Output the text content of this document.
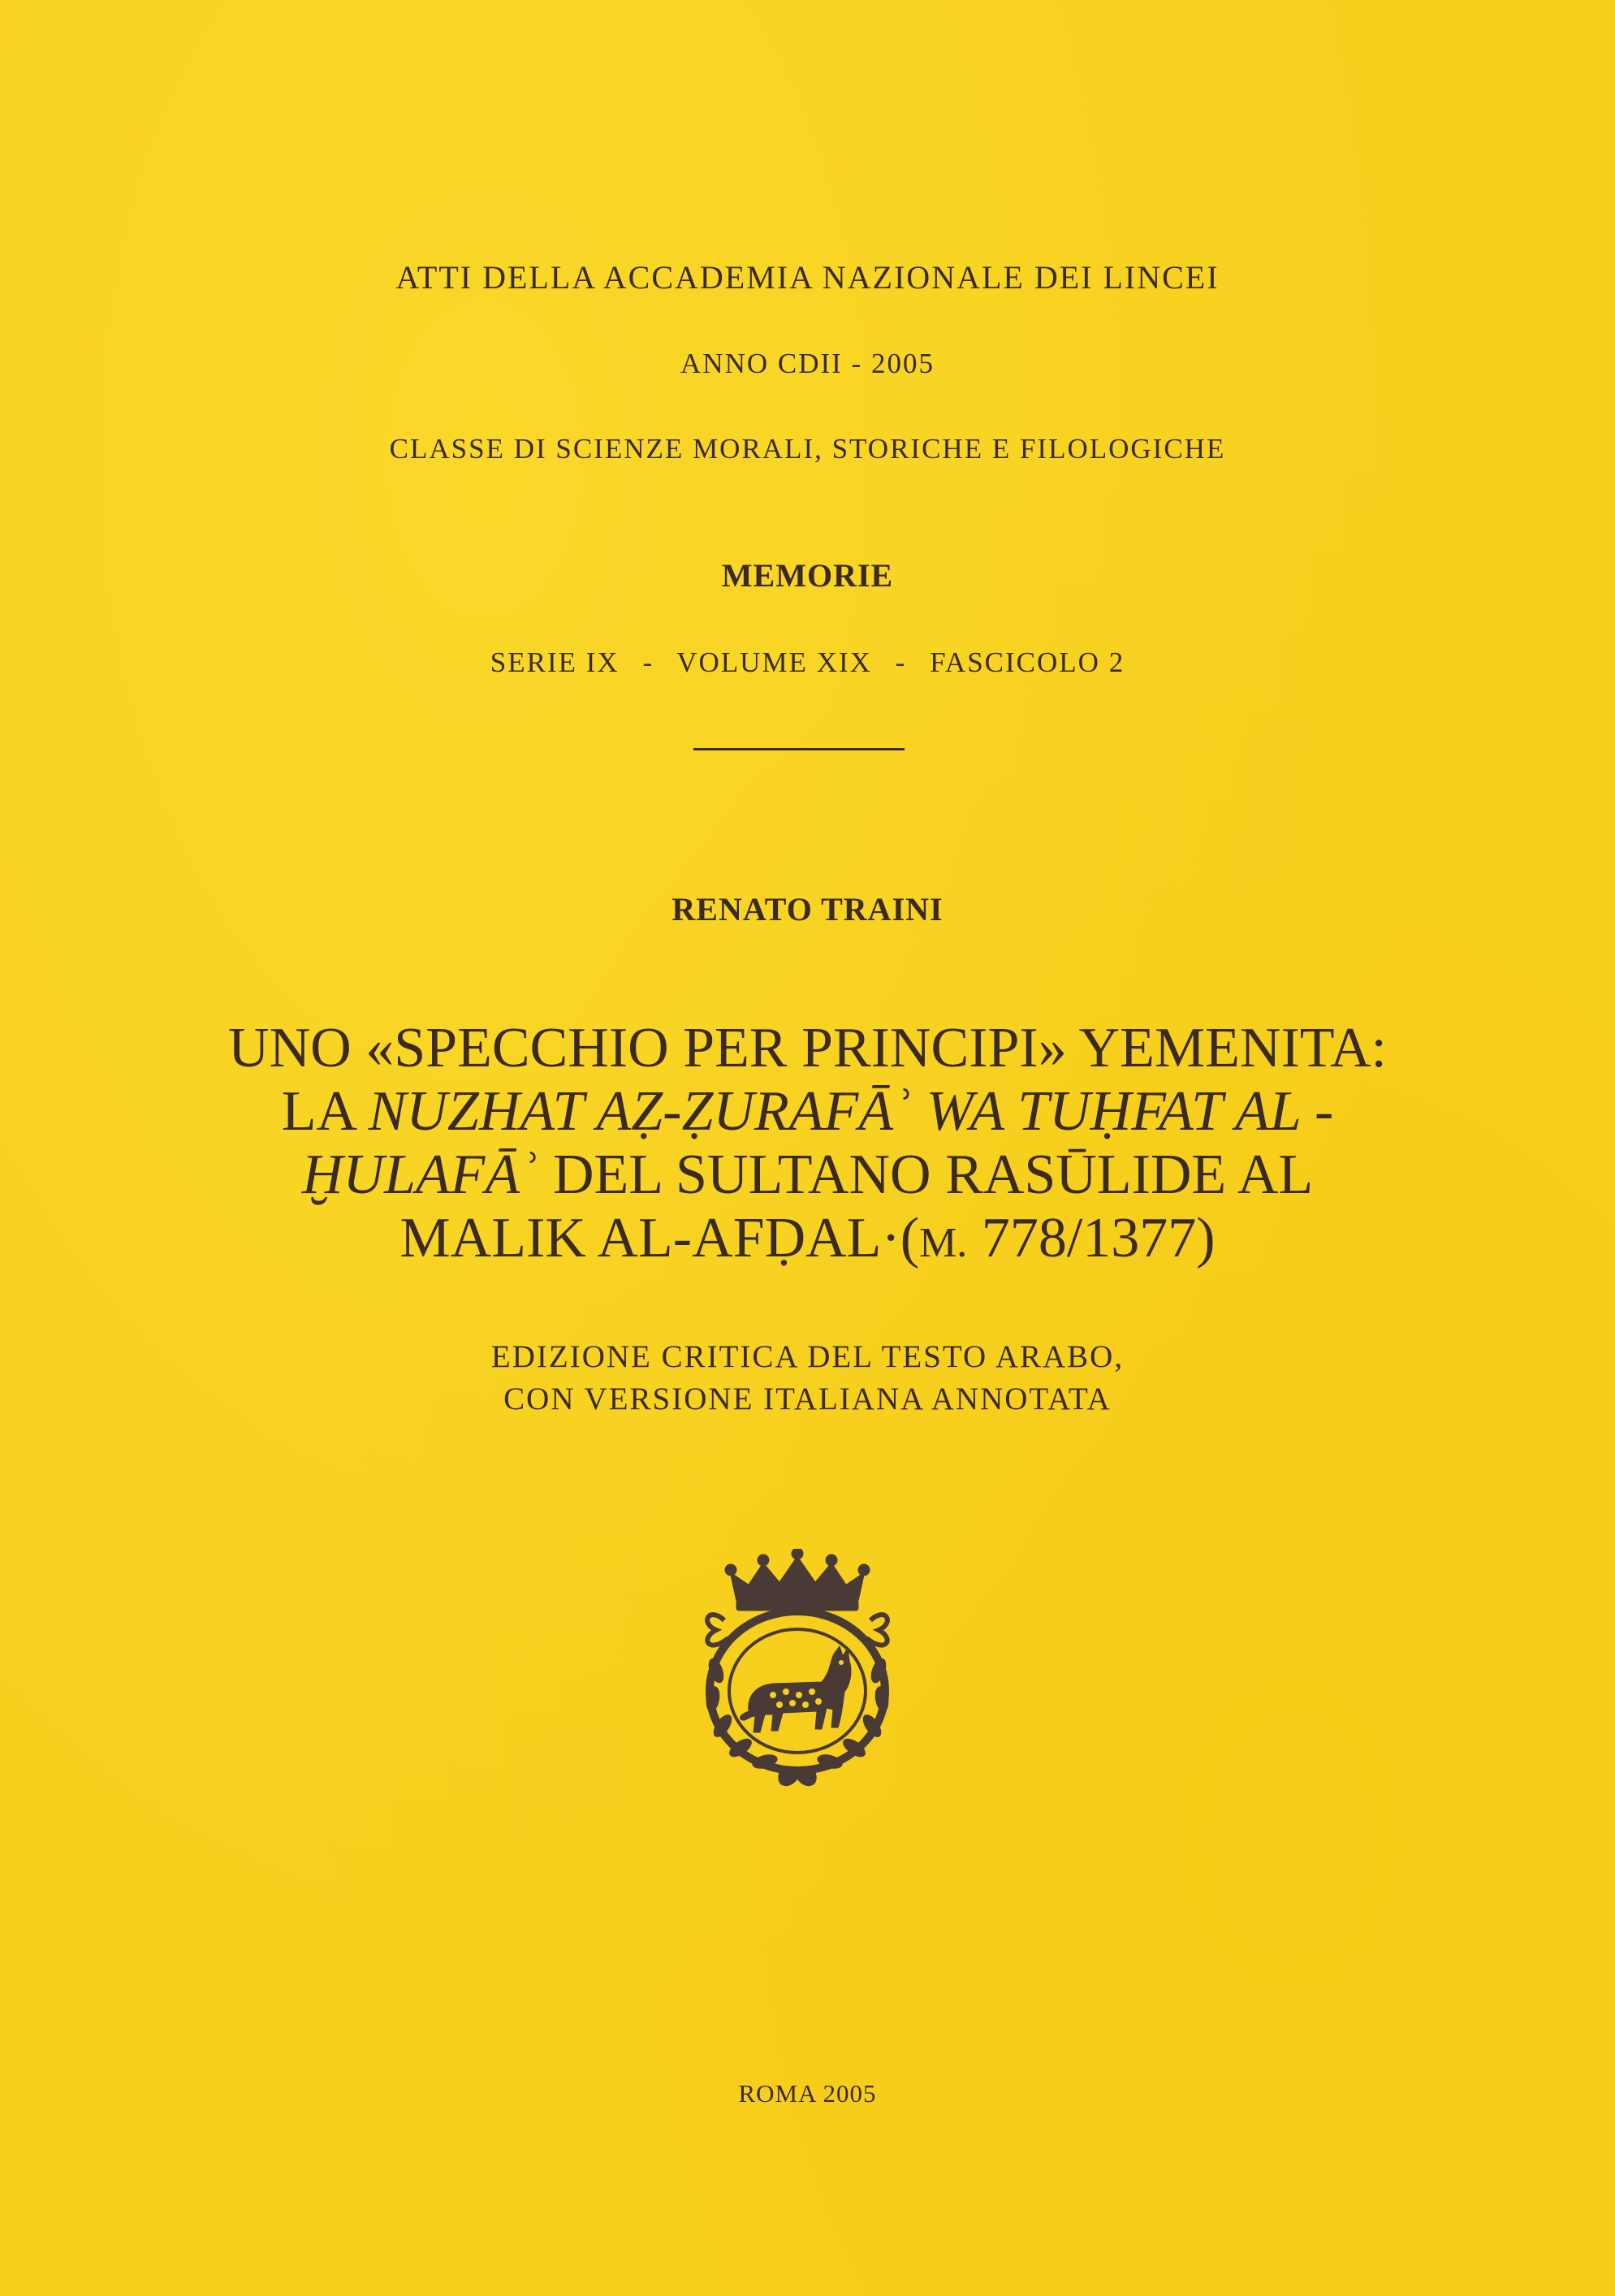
ATTI DELLA ACCADEMIA NAZIONALE DEI LINCEI
ANNO CDII - 2005
CLASSE DI SCIENZE MORALI, STORICHE E FILOLOGICHE
MEMORIE
SERIE IX - VOLUME XIX - FASCICOLO 2
RENATO TRAINI
UNO «SPECCHIO PER PRINCIPI» YEMENITA:
LA NUZHAT AẒ-ẒURAFĀʾ WA TUḤFAT AL -
ḪULAFĀʾ DEL SULTANO RASŪLIDE AL
MALIK AL-AFḌAL·(M. 778/1377)
EDIZIONE CRITICA DEL TESTO ARABO,
CON VERSIONE ITALIANA ANNOTATA
ROMA 2005
